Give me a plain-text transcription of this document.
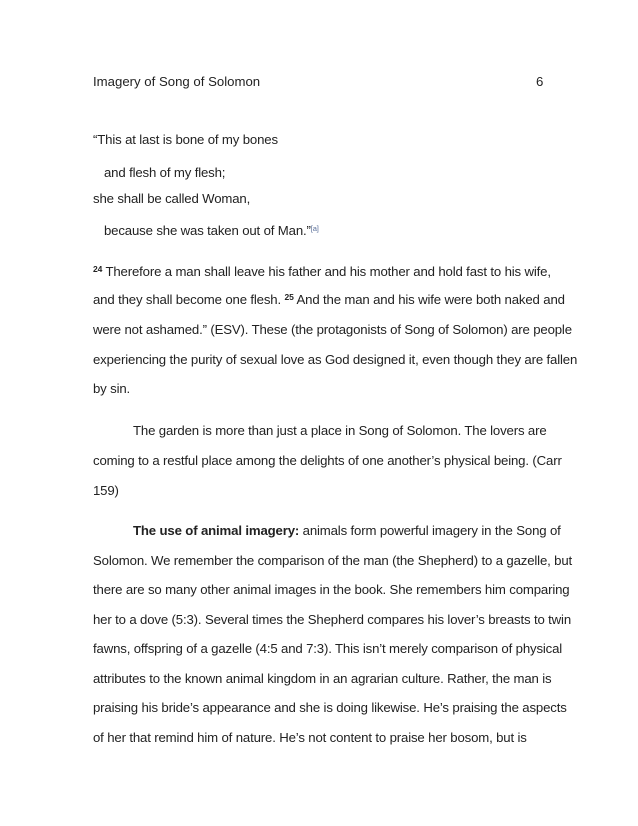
Imagery of Song of Solomon	6
“This at last is bone of my bones
and flesh of my flesh;
she shall be called Woman,
because she was taken out of Man.”[a]
$^{24}$ Therefore a man shall leave his father and his mother and hold fast to his wife,
and they shall become one flesh. $^{25}$ And the man and his wife were both naked and
were not ashamed.” (ESV). These (the protagonists of Song of Solomon) are people
experiencing the purity of sexual love as God designed it, even though they are fallen
by sin.
The garden is more than just a place in Song of Solomon. The lovers are
coming to a restful place among the delights of one another’s physical being. (Carr
159)
The use of animal imagery: animals form powerful imagery in the Song of
Solomon. We remember the comparison of the man (the Shepherd) to a gazelle, but
there are so many other animal images in the book. She remembers him comparing
her to a dove (5:3). Several times the Shepherd compares his lover’s breasts to twin
fawns, offspring of a gazelle (4:5 and 7:3). This isn’t merely comparison of physical
attributes to the known animal kingdom in an agrarian culture. Rather, the man is
praising his bride’s appearance and she is doing likewise. He’s praising the aspects
of her that remind him of nature. He’s not content to praise her bosom, but is
